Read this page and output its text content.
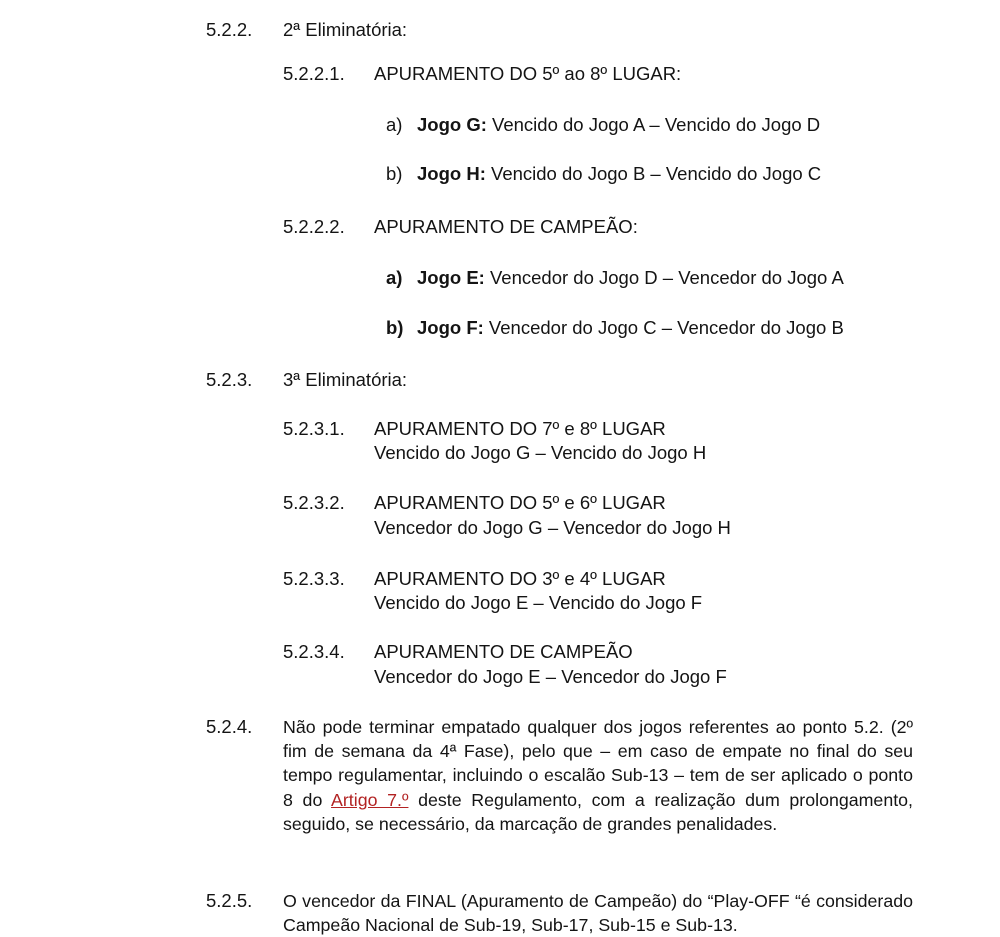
5.2.2. 2ª Eliminatória:
5.2.2.1. APURAMENTO DO 5º ao 8º LUGAR:
a) Jogo G: Vencido do Jogo A – Vencido do Jogo D
b) Jogo H: Vencido do Jogo B – Vencido do Jogo C
5.2.2.2. APURAMENTO DE CAMPEÃO:
a) Jogo E: Vencedor do Jogo D – Vencedor do Jogo A
b) Jogo F: Vencedor do Jogo C – Vencedor do Jogo B
5.2.3. 3ª Eliminatória:
5.2.3.1. APURAMENTO DO 7º e 8º LUGAR
Vencido do Jogo G – Vencido do Jogo H
5.2.3.2. APURAMENTO DO 5º e 6º LUGAR
Vencedor do Jogo G – Vencedor do Jogo H
5.2.3.3. APURAMENTO DO 3º e 4º LUGAR
Vencido do Jogo E – Vencido do Jogo F
5.2.3.4. APURAMENTO DE CAMPEÃO
Vencedor do Jogo E – Vencedor do Jogo F
5.2.4. Não pode terminar empatado qualquer dos jogos referentes ao ponto 5.2. (2º fim de semana da 4ª Fase), pelo que – em caso de empate no final do seu tempo regulamentar, incluindo o escalão Sub-13 – tem de ser aplicado o ponto 8 do Artigo 7.º deste Regulamento, com a realização dum prolongamento, seguido, se necessário, da marcação de grandes penalidades.
5.2.5. O vencedor da FINAL (Apuramento de Campeão) do “Play-OFF “é considerado Campeão Nacional de Sub-19, Sub-17, Sub-15 e Sub-13.
